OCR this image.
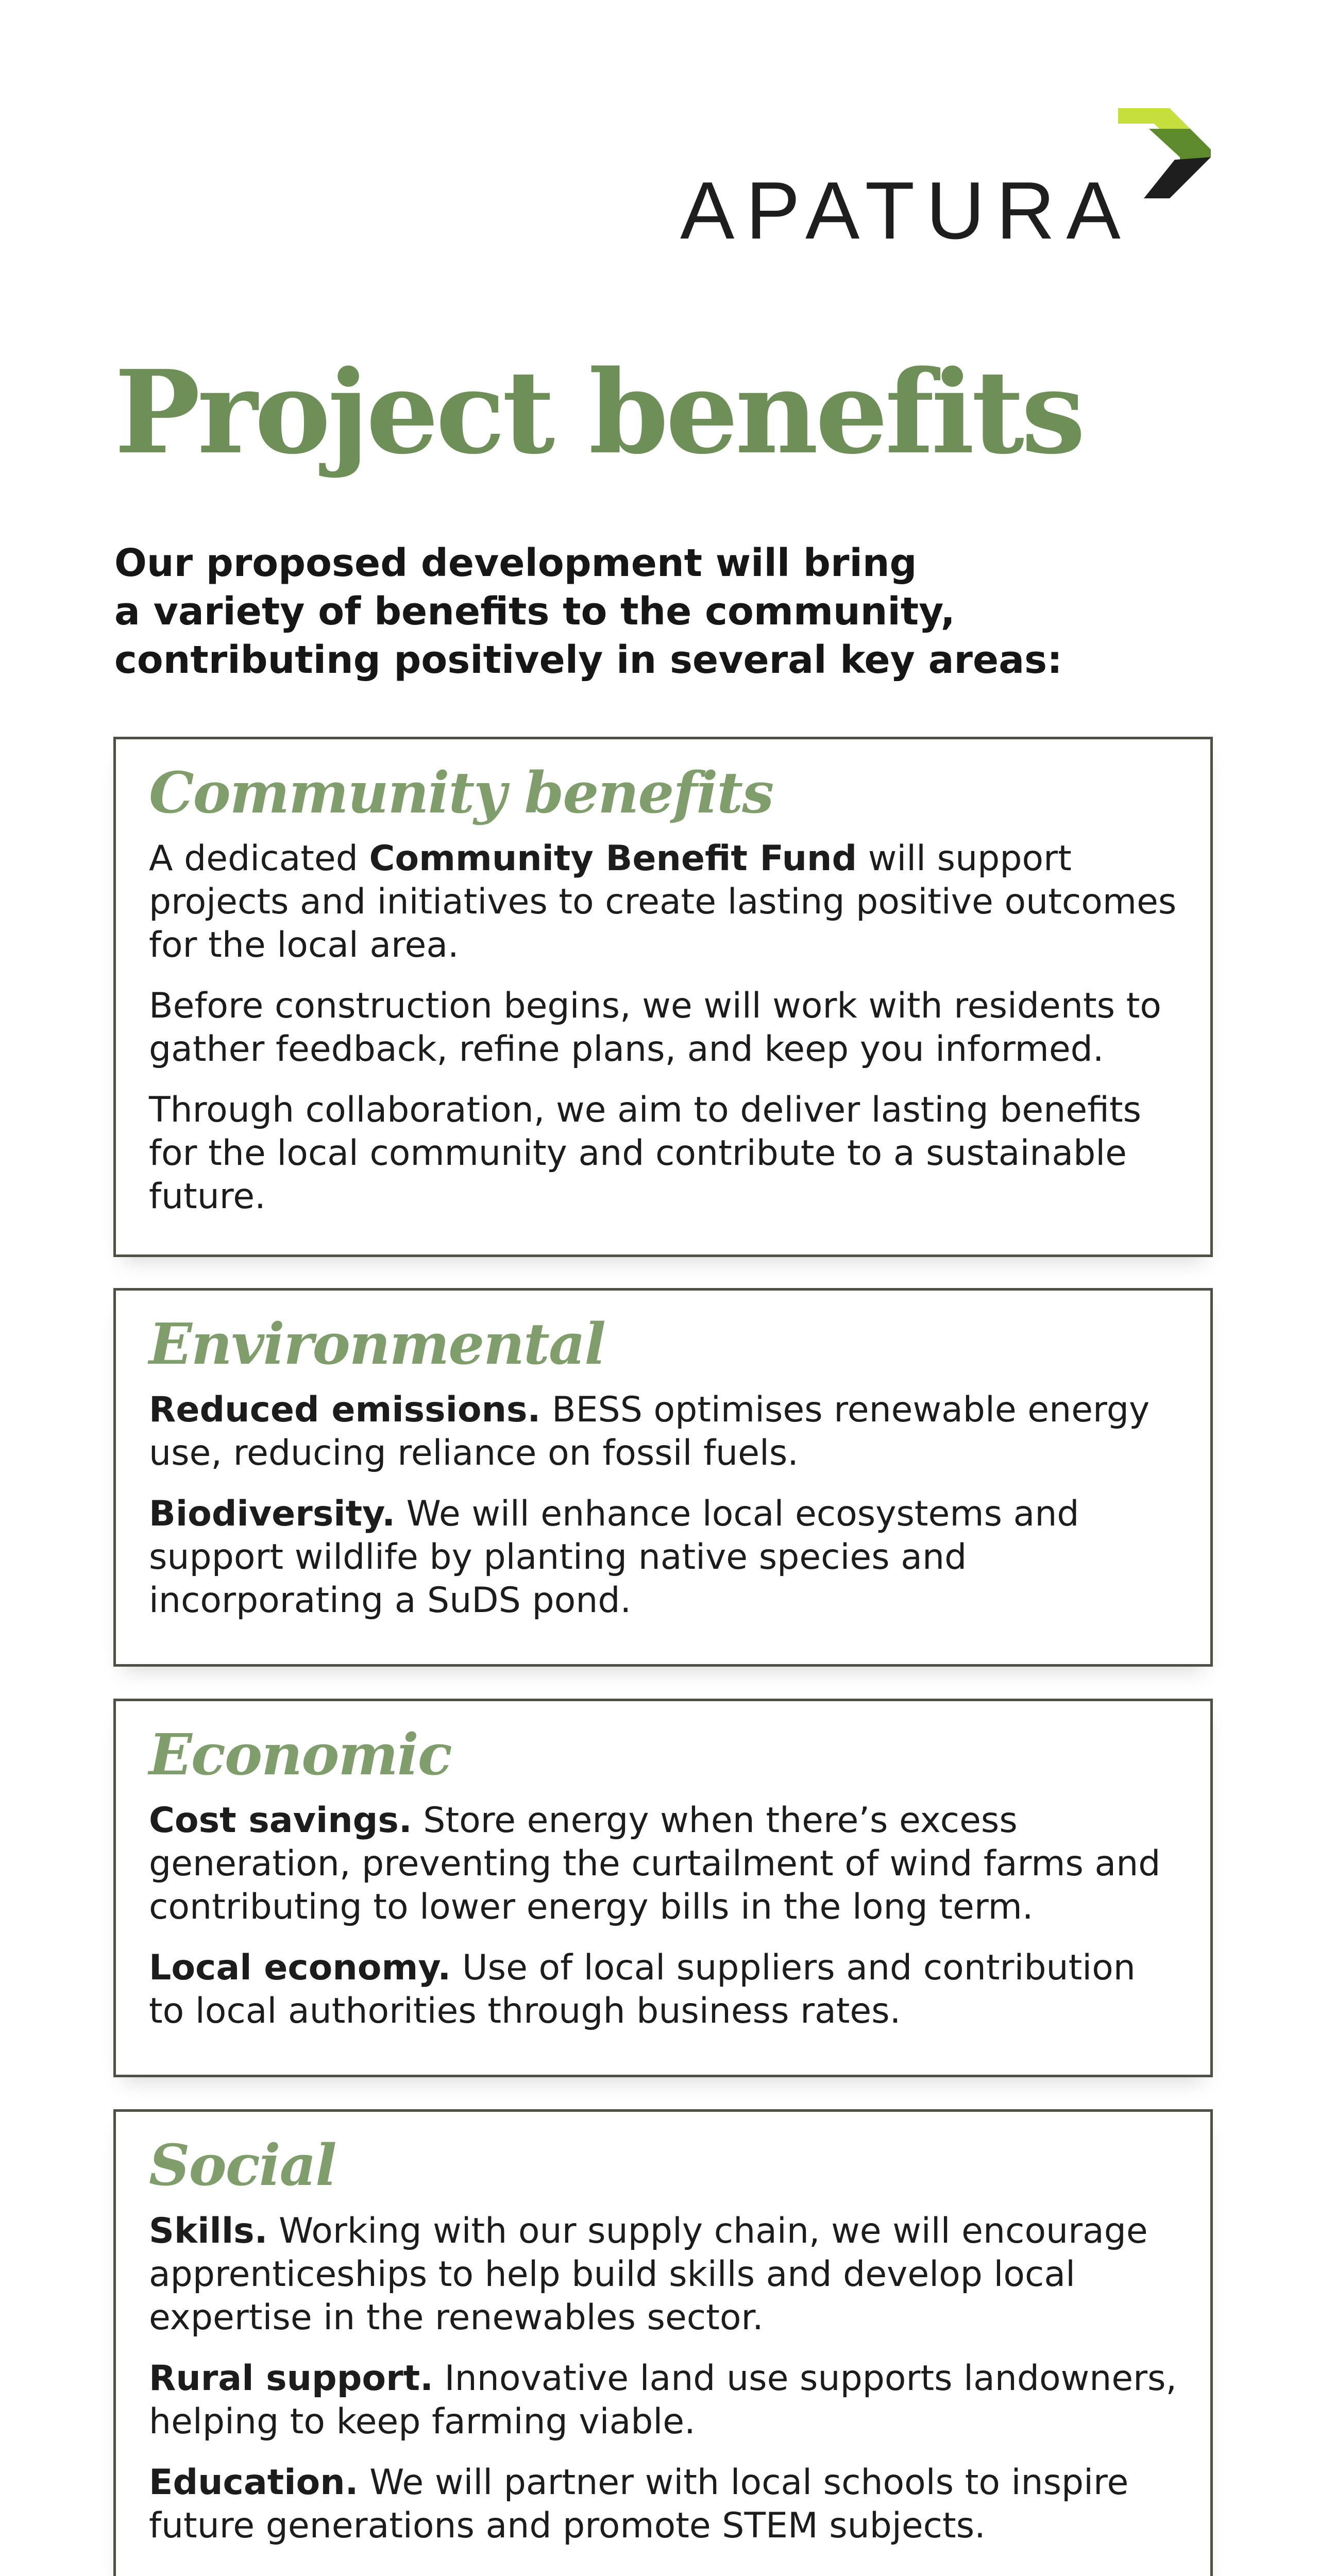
APATURA
Project benefits
Our proposed development will bring
a variety of benefits to the community,
contributing positively in several key areas:
Community benefits

A dedicated Community Benefit Fund will support projects and initiatives to create lasting positive outcomes for the local area.

Before construction begins, we will work with residents to gather feedback, refine plans, and keep you informed.

Through collaboration, we aim to deliver lasting benefits for the local community and contribute to a sustainable future.

Environmental

Reduced emissions. BESS optimises renewable energy use, reducing reliance on fossil fuels.

Biodiversity. We will enhance local ecosystems and support wildlife by planting native species and incorporating a SuDS pond.

Economic

Cost savings. Store energy when there’s excess generation, preventing the curtailment of wind farms and contributing to lower energy bills in the long term.

Local economy. Use of local suppliers and contribution to local authorities through business rates.

Social

Skills. Working with our supply chain, we will encourage apprenticeships to help build skills and develop local expertise in the renewables sector.

Rural support. Innovative land use supports landowners, helping to keep farming viable.

Education. We will partner with local schools to inspire future generations and promote STEM subjects.
